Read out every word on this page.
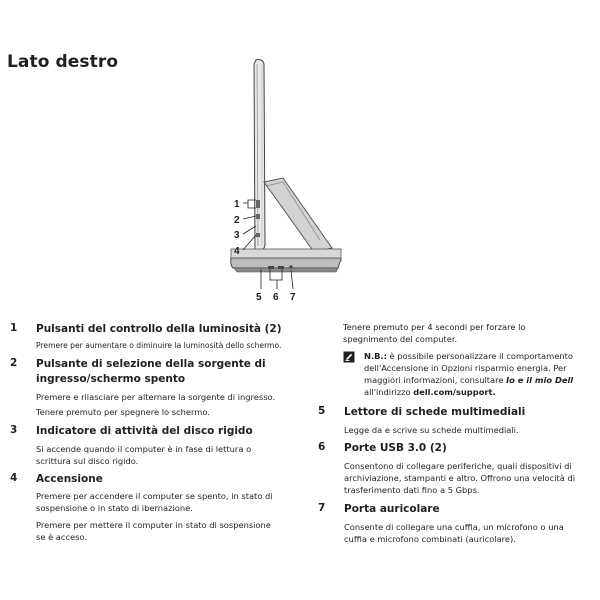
Lato destro
1
2
3
4
5 6 7
1 Pulsanti del controllo della luminosità (2)
Premere per aumentare o diminuire la luminosità dello schermo.
2 Pulsante di selezione della sorgente di
ingresso/schermo spento
Premere e rilasciare per alternare la sorgente di ingresso.
Tenere premuto per spegnere lo schermo.
3 Indicatore di attività del disco rigido
Si accende quando il computer è in fase di lettura o
scrittura sul disco rigido.
4 Accensione
Premere per accendere il computer se spento, in stato di
sospensione o in stato di ibernazione.
Premere per mettere il computer in stato di sospensione
se è acceso.
Tenere premuto per 4 secondi per forzare lo
spegnimento del computer.
N.B.: è possibile personalizzare il comportamento
dell'Accensione in Opzioni risparmio energia. Per
maggiori informazioni, consultare Io e il mio Dell
all'indirizzo dell.com/support.
5 Lettore di schede multimediali
Legge da e scrive su schede multimediali.
6 Porte USB 3.0 (2)
Consentono di collegare periferiche, quali dispositivi di
archiviazione, stampanti e altro. Offrono una velocità di
trasferimento dati fino a 5 Gbps.
7 Porta auricolare
Consente di collegare una cuffia, un microfono o una
cuffia e microfono combinati (auricolare).
